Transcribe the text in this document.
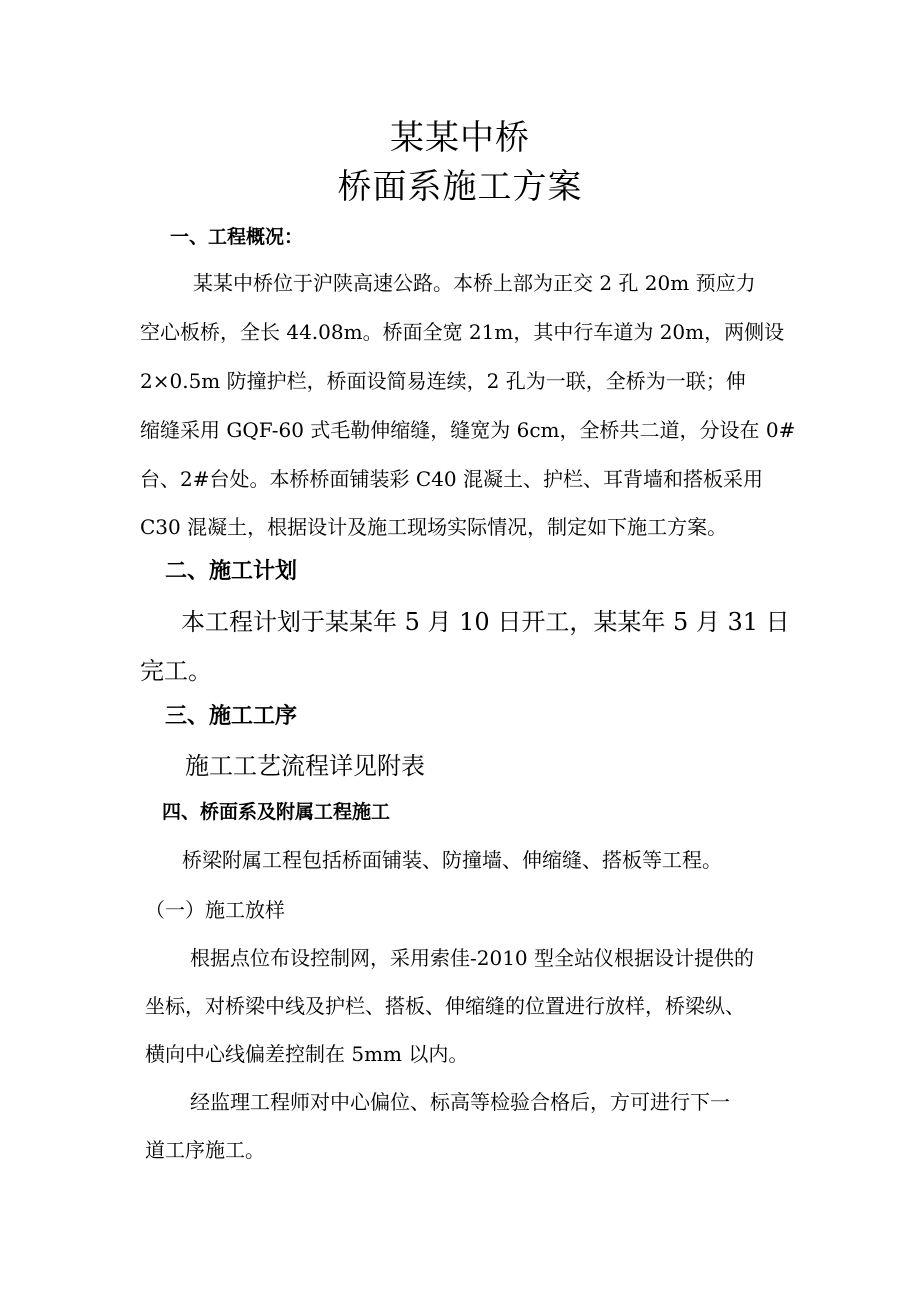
某某中桥
桥面系施工方案
一、工程概况：
某某中桥位于沪陕高速公路。本桥上部为正交 2 孔 20m 预应力
空心板桥，全长 44.08m。桥面全宽 21m，其中行车道为 20m，两侧设
2×0.5m 防撞护栏，桥面设简易连续，2 孔为一联，全桥为一联；伸
缩缝采用 GQF-60 式毛勒伸缩缝，缝宽为 6cm，全桥共二道，分设在 0#
台、2#台处。本桥桥面铺装彩 C40 混凝土、护栏、耳背墙和搭板采用
C30 混凝土，根据设计及施工现场实际情况，制定如下施工方案。
二、施工计划
本工程计划于某某年 5 月 10 日开工，某某年 5 月 31 日
完工。
三、施工工序
施工工艺流程详见附表
四、桥面系及附属工程施工
桥梁附属工程包括桥面铺装、防撞墙、伸缩缝、搭板等工程。
（一）施工放样
根据点位布设控制网，采用索佳-2010 型全站仪根据设计提供的
坐标，对桥梁中线及护栏、搭板、伸缩缝的位置进行放样，桥梁纵、
横向中心线偏差控制在 5mm 以内。
经监理工程师对中心偏位、标高等检验合格后，方可进行下一
道工序施工。
